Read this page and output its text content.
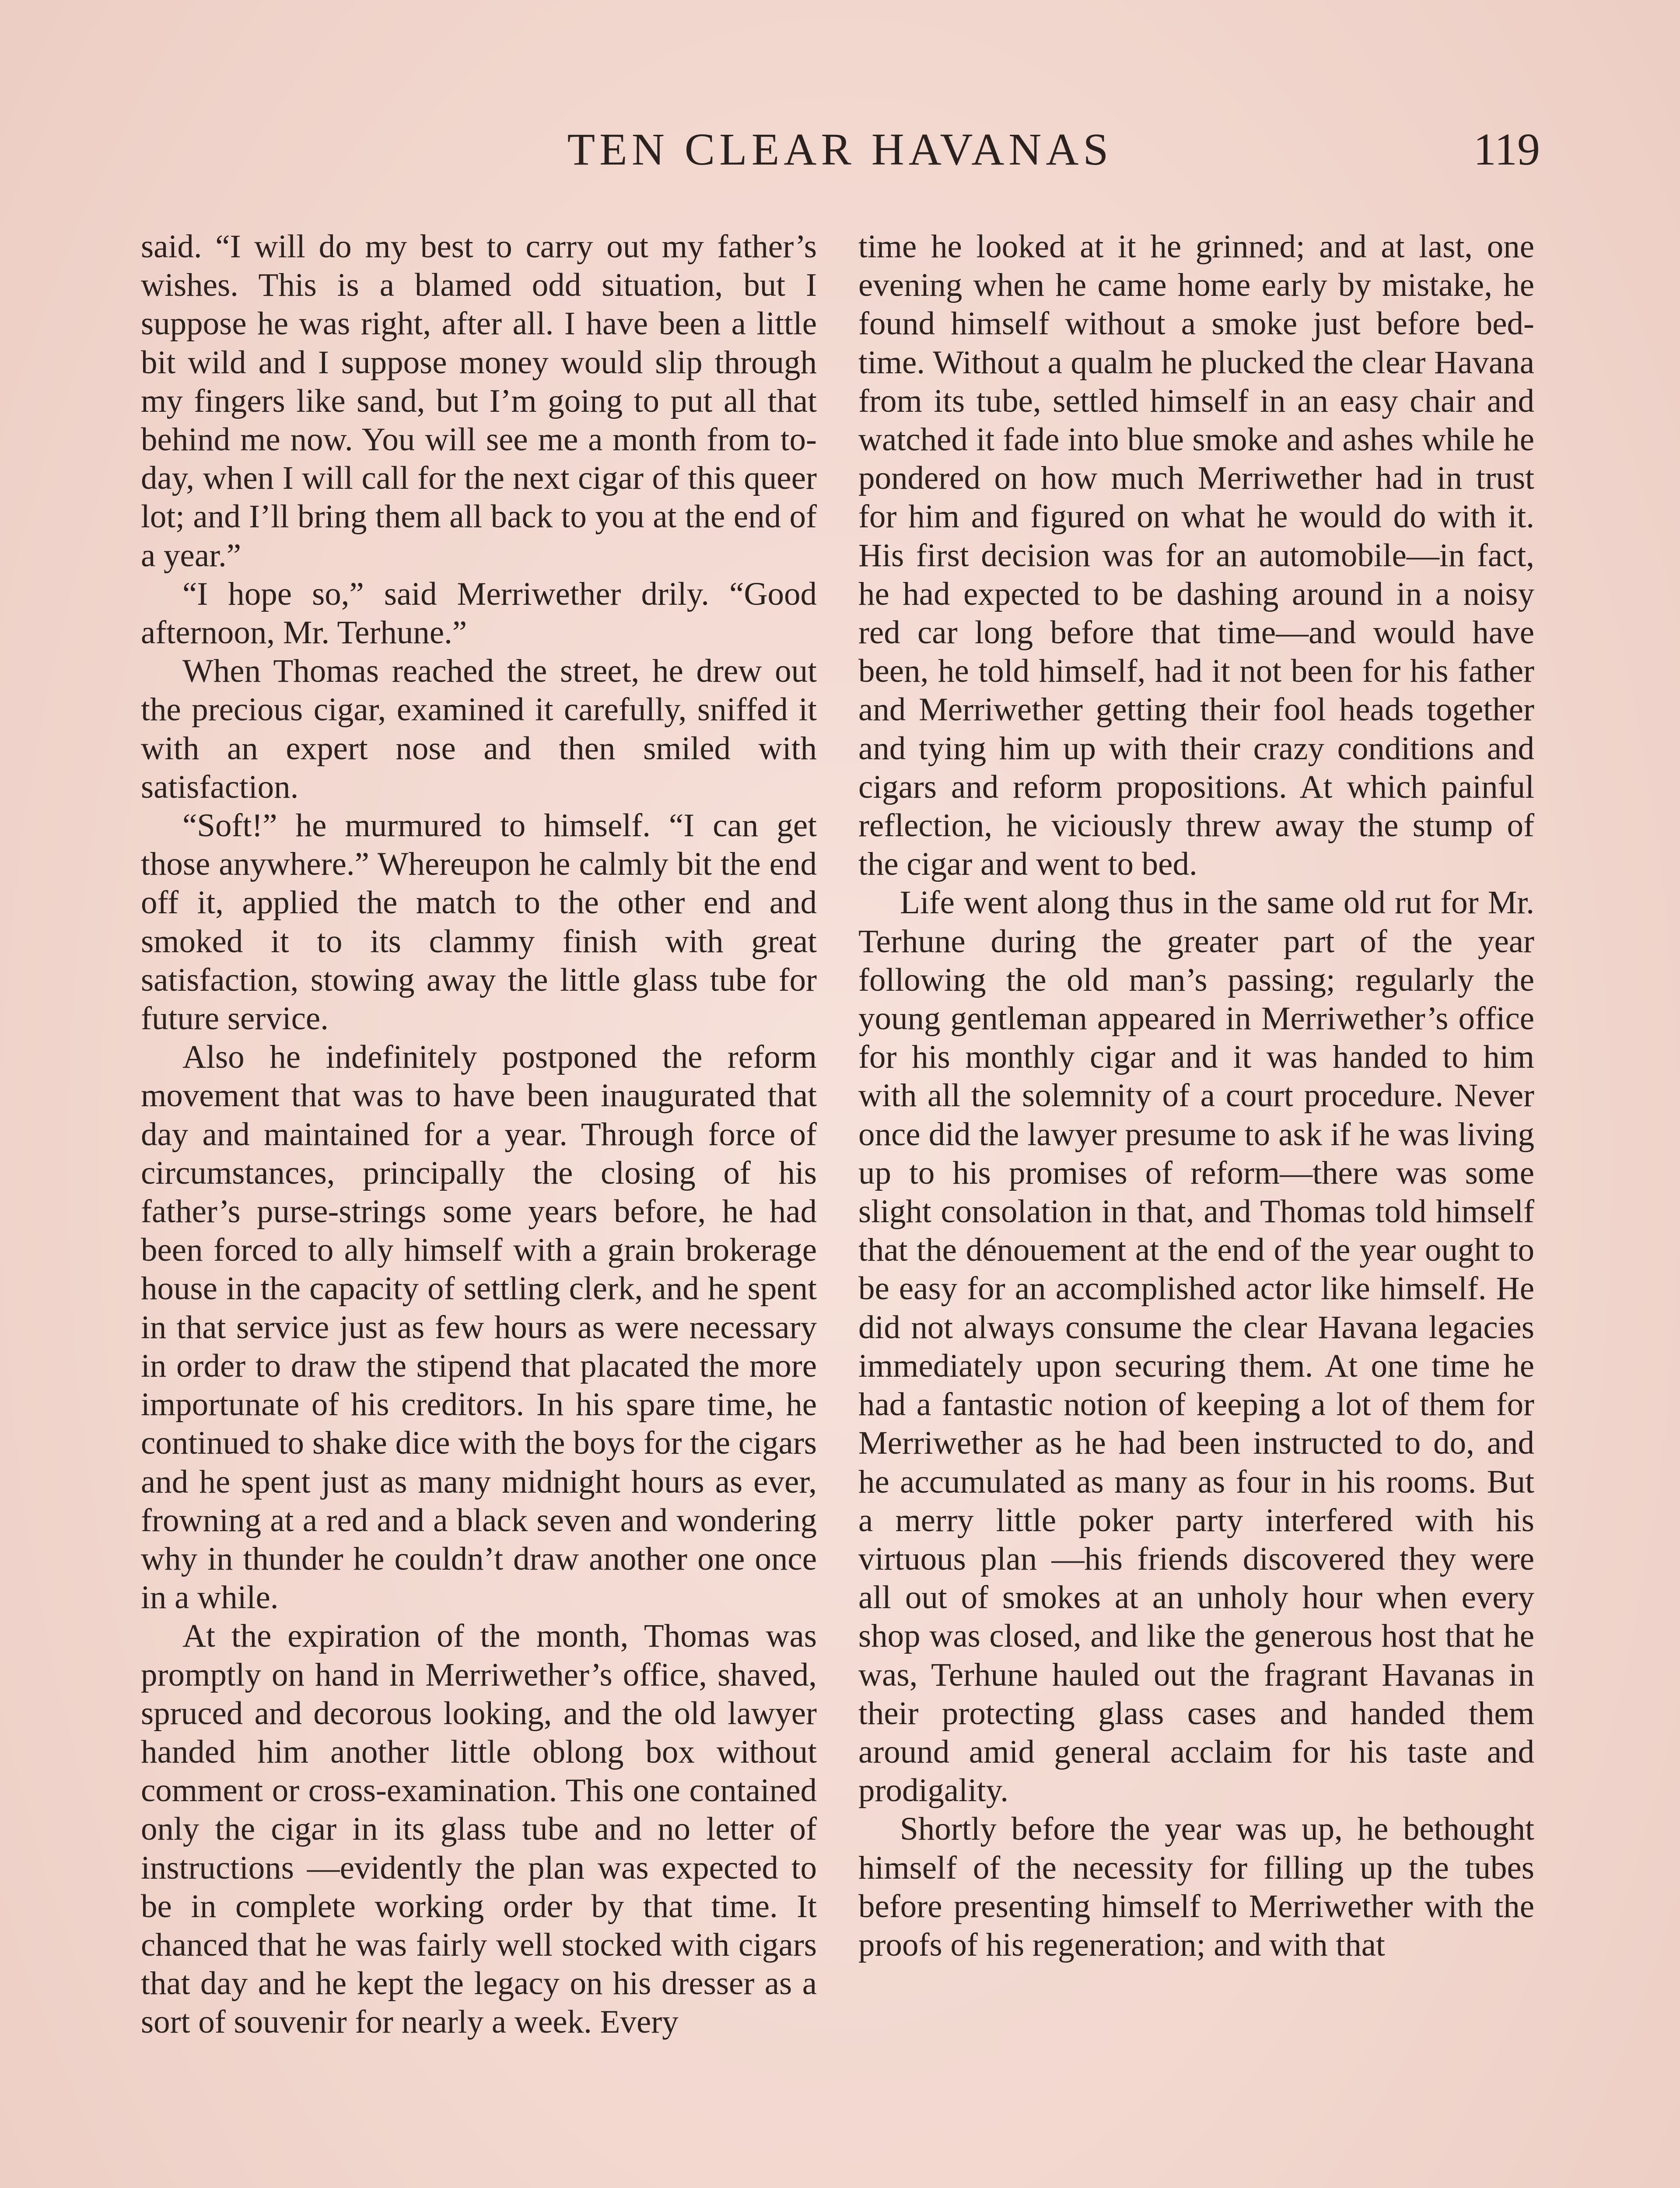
TEN CLEAR HAVANAS	119

said. “I will do my best to carry out my father’s wishes. This is a blamed odd situation, but I suppose he was right, after all. I have been a little bit wild and I suppose money would slip through my fingers like sand, but I’m going to put all that behind me now. You will see me a month from to-day, when I will call for the next cigar of this queer lot; and I’ll bring them all back to you at the end of a year.”

“I hope so,” said Merriwether drily. “Good afternoon, Mr. Terhune.”

When Thomas reached the street, he drew out the precious cigar, examined it carefully, sniffed it with an expert nose and then smiled with satisfaction.

“Soft!” he murmured to himself. “I can get those anywhere.” Whereupon he calmly bit the end off it, applied the match to the other end and smoked it to its clammy finish with great satisfaction, stowing away the little glass tube for future service.

Also he indefinitely postponed the reform movement that was to have been inaugurated that day and maintained for a year. Through force of circumstances, principally the closing of his father’s purse-strings some years before, he had been forced to ally himself with a grain brokerage house in the capacity of settling clerk, and he spent in that service just as few hours as were necessary in order to draw the stipend that placated the more importunate of his creditors. In his spare time, he continued to shake dice with the boys for the cigars and he spent just as many midnight hours as ever, frowning at a red and a black seven and wondering why in thunder he couldn’t draw another one once in a while.

At the expiration of the month, Thomas was promptly on hand in Merriwether’s office, shaved, spruced and decorous looking, and the old lawyer handed him another little oblong box without comment or cross-examination. This one contained only the cigar in its glass tube and no letter of instructions —evidently the plan was expected to be in complete working order by that time. It chanced that he was fairly well stocked with cigars that day and he kept the legacy on his dresser as a sort of souvenir for nearly a week. Every

time he looked at it he grinned; and at last, one evening when he came home early by mistake, he found himself without a smoke just before bed-time. Without a qualm he plucked the clear Havana from its tube, settled himself in an easy chair and watched it fade into blue smoke and ashes while he pondered on how much Merriwether had in trust for him and figured on what he would do with it. His first decision was for an automobile—in fact, he had expected to be dashing around in a noisy red car long before that time—and would have been, he told himself, had it not been for his father and Merriwether getting their fool heads together and tying him up with their crazy conditions and cigars and reform propositions. At which painful reflection, he viciously threw away the stump of the cigar and went to bed.

Life went along thus in the same old rut for Mr. Terhune during the greater part of the year following the old man’s passing; regularly the young gentleman appeared in Merriwether’s office for his monthly cigar and it was handed to him with all the solemnity of a court procedure. Never once did the lawyer presume to ask if he was living up to his promises of reform—there was some slight consolation in that, and Thomas told himself that the dénouement at the end of the year ought to be easy for an accomplished actor like himself. He did not always consume the clear Havana legacies immediately upon securing them. At one time he had a fantastic notion of keeping a lot of them for Merriwether as he had been instructed to do, and he accumulated as many as four in his rooms. But a merry little poker party interfered with his virtuous plan —his friends discovered they were all out of smokes at an unholy hour when every shop was closed, and like the generous host that he was, Terhune hauled out the fragrant Havanas in their protecting glass cases and handed them around amid general acclaim for his taste and prodigality.

Shortly before the year was up, he bethought himself of the necessity for filling up the tubes before presenting himself to Merriwether with the proofs of his regeneration; and with that
